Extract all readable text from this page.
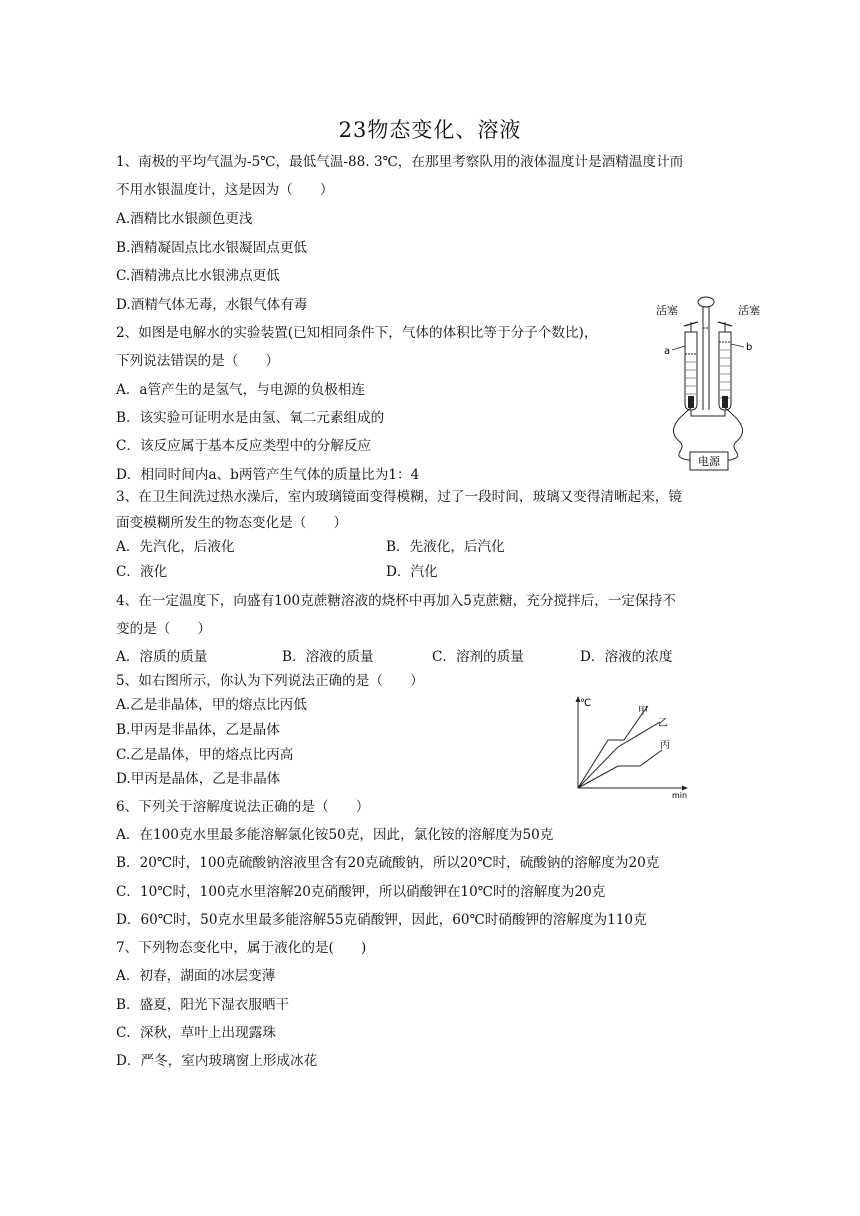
23物态变化、溶液
1、南极的平均气温为-5℃，最低气温-88. 3℃，在那里考察队用的液体温度计是酒精温度计而
不用水银温度计，这是因为（　　）
A.酒精比水银颜色更浅
B.酒精凝固点比水银凝固点更低
C.酒精沸点比水银沸点更低
D.酒精气体无毒，水银气体有毒
2、如图是电解水的实验装置(已知相同条件下，气体的体积比等于分子个数比)，
下列说法错误的是（　　）
A．a管产生的是氢气，与电源的负极相连
B．该实验可证明水是由氢、氧二元素组成的
C．该反应属于基本反应类型中的分解反应
D．相同时间内a、b两管产生气体的质量比为1：4
活塞	活塞
a	b
电源
3、在卫生间洗过热水澡后，室内玻璃镜面变得模糊，过了一段时间，玻璃又变得清晰起来，镜
面变模糊所发生的物态变化是（　　）
A．先汽化，后液化	B．先液化，后汽化
C．液化	D．汽化
4、在一定温度下，向盛有100克蔗糖溶液的烧杯中再加入5克蔗糖，充分搅拌后，一定保持不
变的是（　　）
A．溶质的质量	B．溶液的质量	C．溶剂的质量	D．溶液的浓度
5、如右图所示，你认为下列说法正确的是（　　）
A.乙是非晶体，甲的熔点比丙低
B.甲丙是非晶体，乙是晶体
C.乙是晶体，甲的熔点比丙高
D.甲丙是晶体，乙是非晶体
℃
min
甲
乙
丙
6、下列关于溶解度说法正确的是（　　）
A．在100克水里最多能溶解氯化铵50克，因此，氯化铵的溶解度为50克
B．20℃时，100克硫酸钠溶液里含有20克硫酸钠，所以20℃时，硫酸钠的溶解度为20克
C．10℃时，100克水里溶解20克硝酸钾，所以硝酸钾在10℃时的溶解度为20克
D．60℃时，50克水里最多能溶解55克硝酸钾，因此，60℃时硝酸钾的溶解度为110克
7、下列物态变化中，属于液化的是(　　)
A．初春，湖面的冰层变薄
B．盛夏，阳光下湿衣服晒干
C．深秋，草叶上出现露珠
D．严冬，室内玻璃窗上形成冰花
